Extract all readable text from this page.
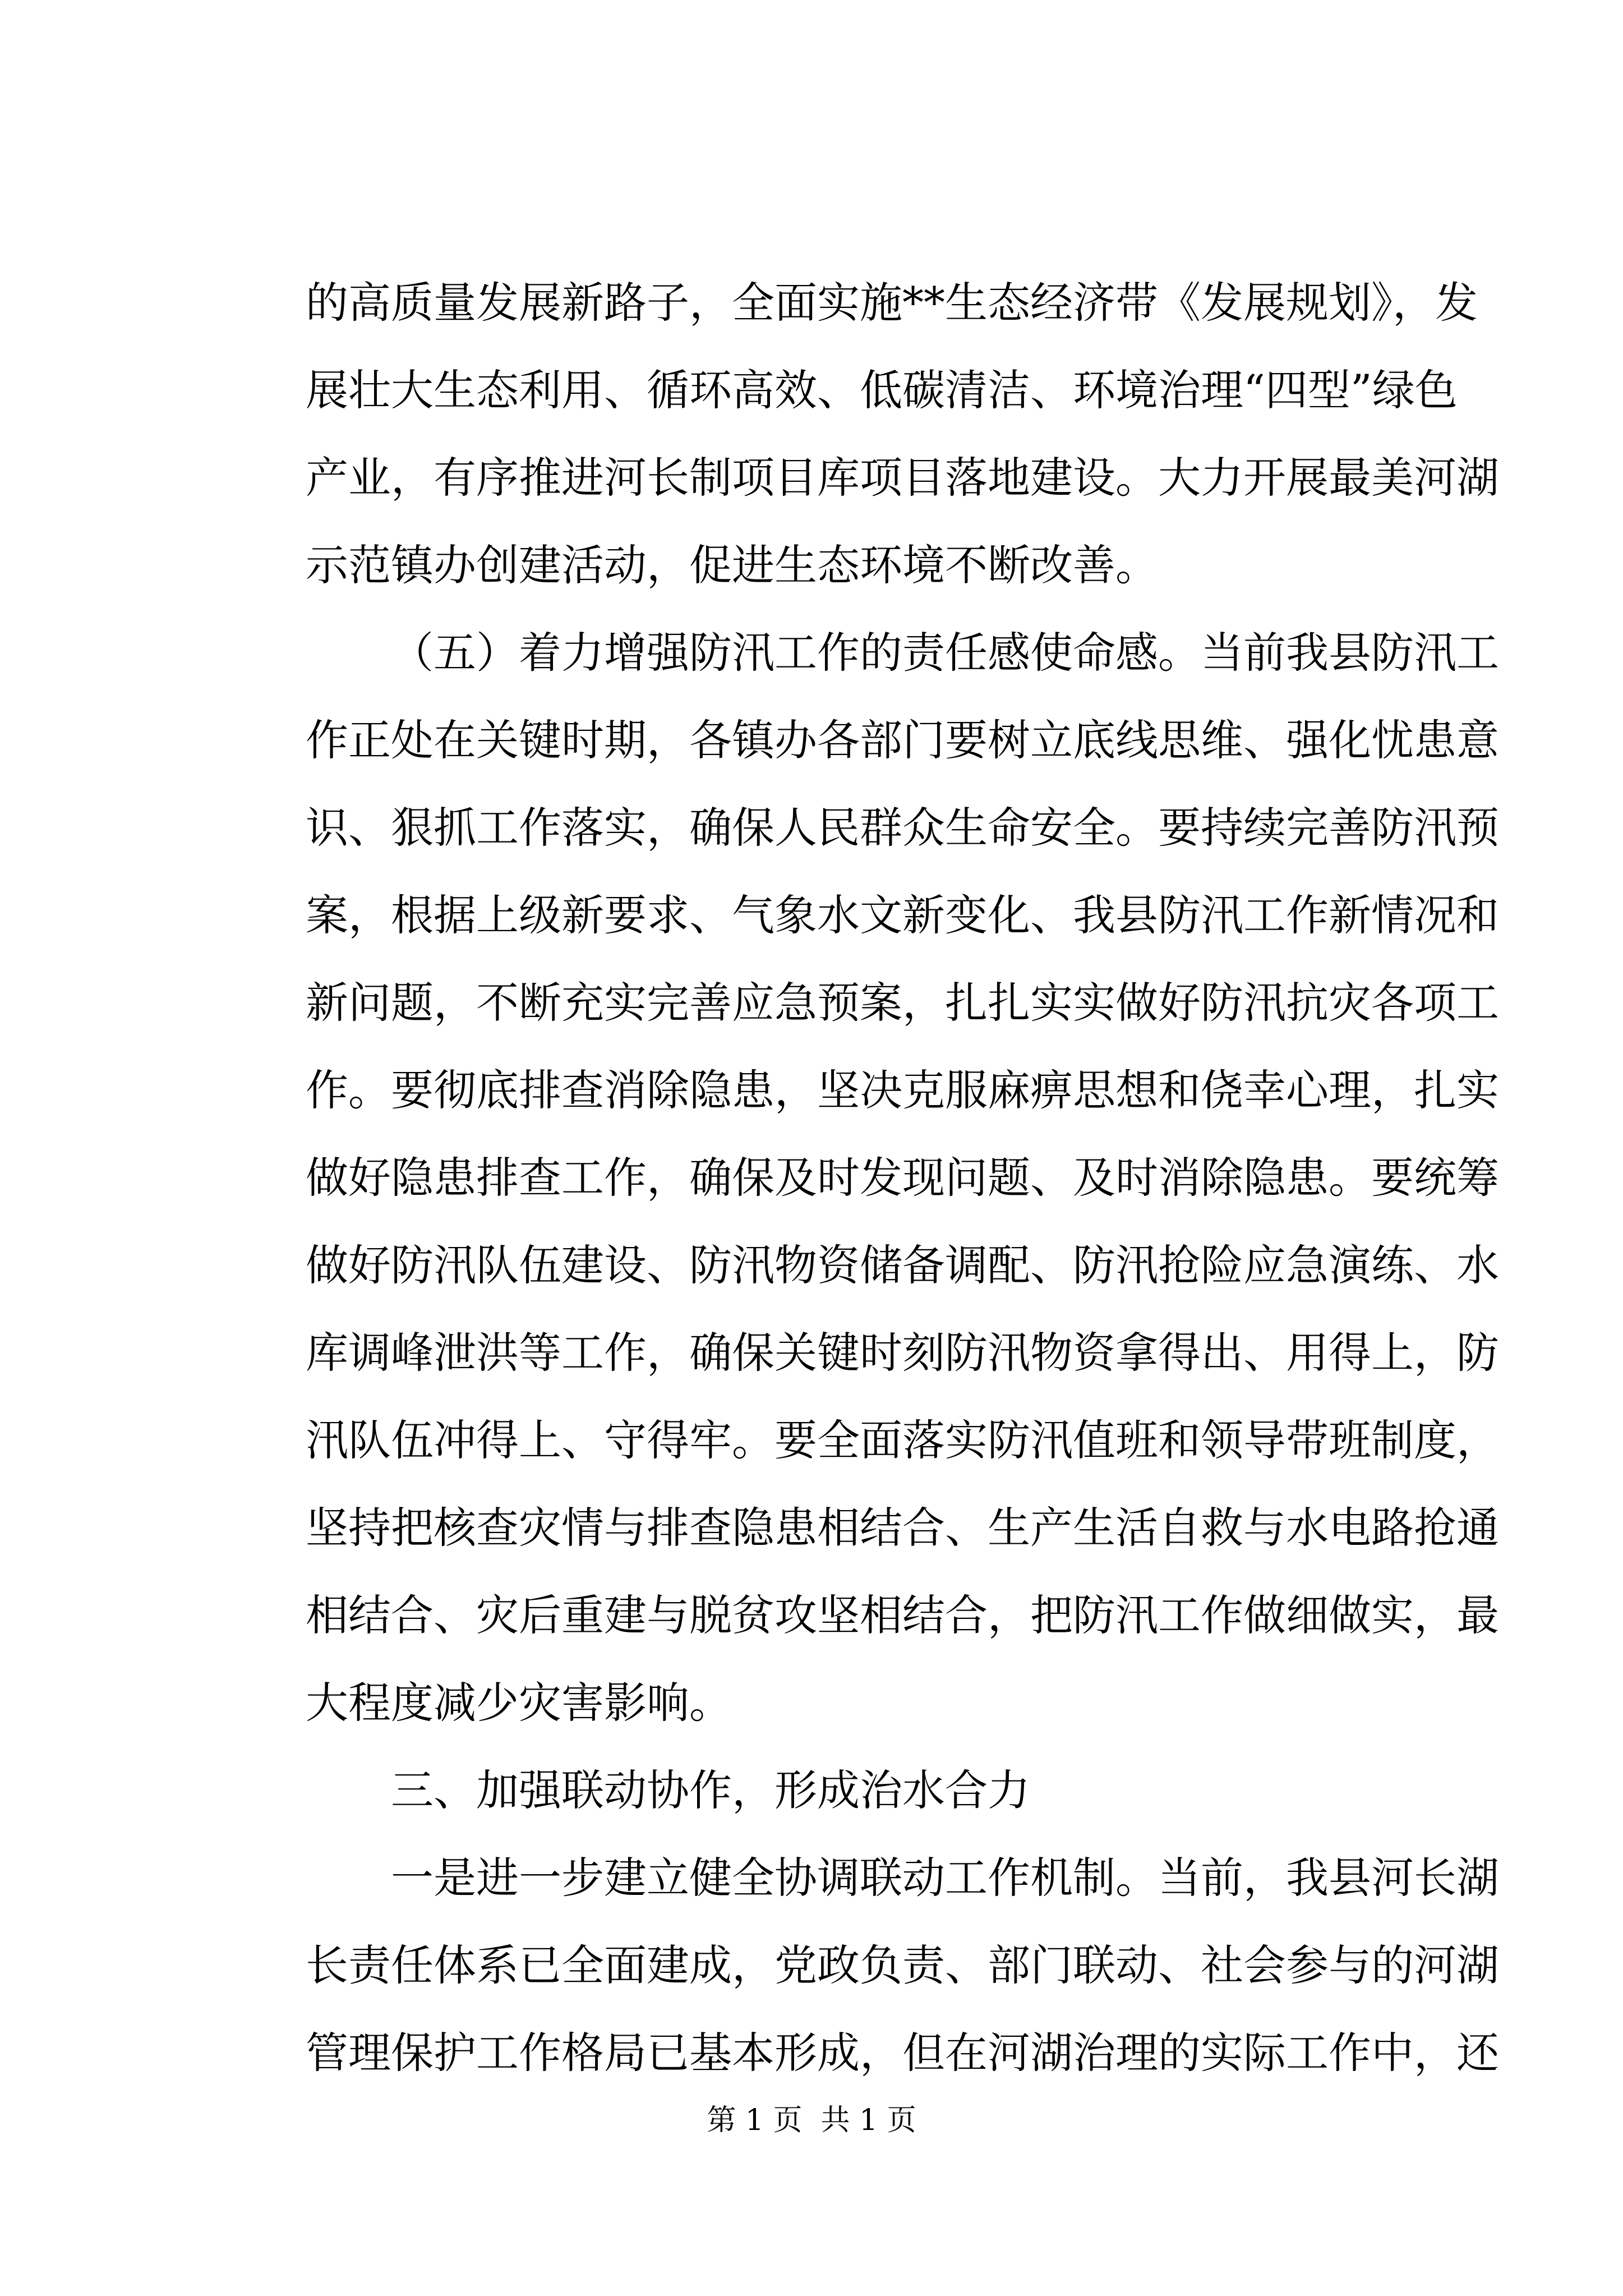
的高质量发展新路子，全面实施**生态经济带《发展规划》，发
展壮大生态利用、循环高效、低碳清洁、环境治理“四型”绿色
产业，有序推进河长制项目库项目落地建设。大力开展最美河湖
示范镇办创建活动，促进生态环境不断改善。
（五）着力增强防汛工作的责任感使命感。当前我县防汛工
作正处在关键时期，各镇办各部门要树立底线思维、强化忧患意
识、狠抓工作落实，确保人民群众生命安全。要持续完善防汛预
案，根据上级新要求、气象水文新变化、我县防汛工作新情况和
新问题，不断充实完善应急预案，扎扎实实做好防汛抗灾各项工
作。要彻底排查消除隐患，坚决克服麻痹思想和侥幸心理，扎实
做好隐患排查工作，确保及时发现问题、及时消除隐患。要统筹
做好防汛队伍建设、防汛物资储备调配、防汛抢险应急演练、水
库调峰泄洪等工作，确保关键时刻防汛物资拿得出、用得上，防
汛队伍冲得上、守得牢。要全面落实防汛值班和领导带班制度，
坚持把核查灾情与排查隐患相结合、生产生活自救与水电路抢通
相结合、灾后重建与脱贫攻坚相结合，把防汛工作做细做实，最
大程度减少灾害影响。
三、加强联动协作，形成治水合力
一是进一步建立健全协调联动工作机制。当前，我县河长湖
长责任体系已全面建成，党政负责、部门联动、社会参与的河湖
管理保护工作格局已基本形成，但在河湖治理的实际工作中，还
第 1 页  共 1 页
